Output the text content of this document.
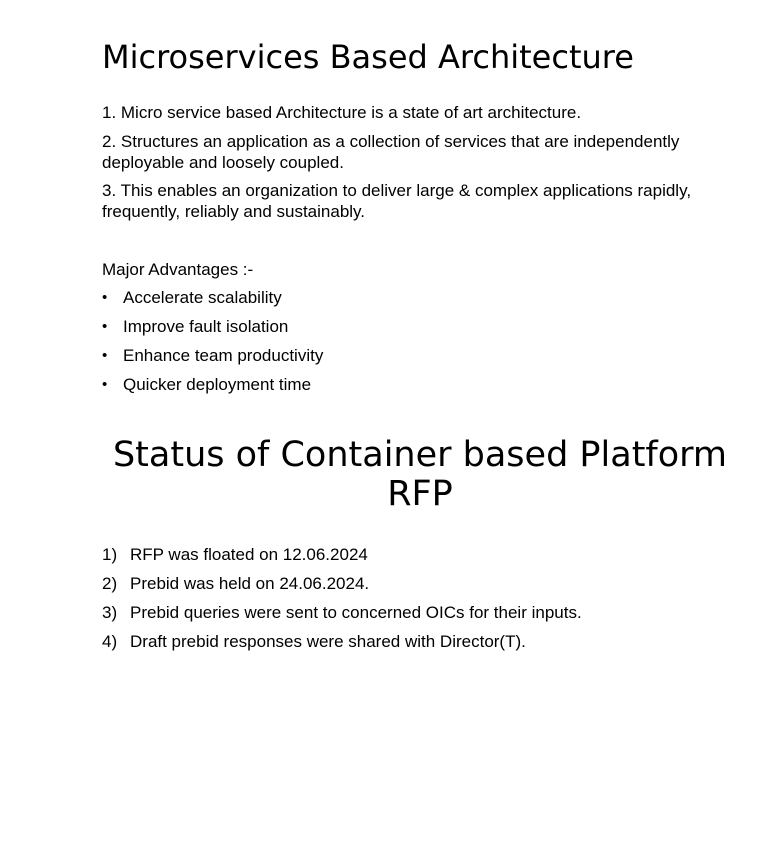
Microservices Based Architecture

1. Micro service based Architecture is a state of art architecture.

2. Structures an application as a collection of services that are independently deployable and loosely coupled.

3. This enables an organization to deliver large & complex applications rapidly, frequently, reliably and sustainably.

Major Advantages :-

• Accelerate scalability
• Improve fault isolation
• Enhance team productivity
• Quicker deployment time
Status of Container based Platform RFP
1) RFP was floated on 12.06.2024
2) Prebid was held on 24.06.2024.
3) Prebid queries were sent to concerned OICs for their inputs.
4) Draft prebid responses were shared with Director(T).
